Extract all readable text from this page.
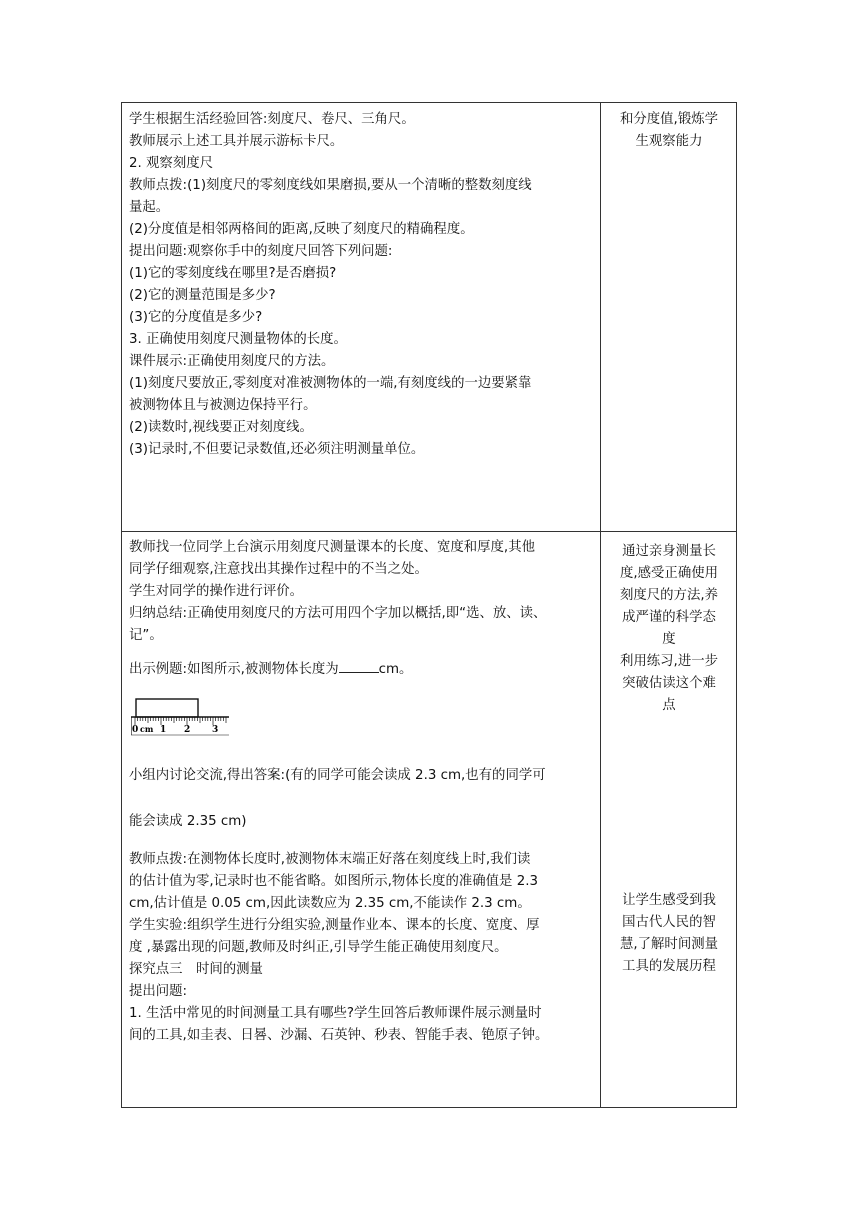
学生根据生活经验回答:刻度尺、卷尺、三角尺。

教师展示上述工具并展示游标卡尺。

2. 观察刻度尺

教师点拨:(1)刻度尺的零刻度线如果磨损,要从一个清晰的整数刻度线

量起。

(2)分度值是相邻两格间的距离,反映了刻度尺的精确程度。

提出问题:观察你手中的刻度尺回答下列问题:

(1)它的零刻度线在哪里?是否磨损?

(2)它的测量范围是多少?

(3)它的分度值是多少?

3. 正确使用刻度尺测量物体的长度。

课件展示:正确使用刻度尺的方法。

(1)刻度尺要放正,零刻度对准被测物体的一端,有刻度线的一边要紧靠

被测物体且与被测边保持平行。

(2)读数时,视线要正对刻度线。

(3)记录时,不但要记录数值,还必须注明测量单位。

和分度值,锻炼学

生观察能力

教师找一位同学上台演示用刻度尺测量课本的长度、宽度和厚度,其他

同学仔细观察,注意找出其操作过程中的不当之处。

学生对同学的操作进行评价。

归纳总结:正确使用刻度尺的方法可用四个字加以概括,即“选、放、读、

记”。

出示例题:如图所示,被测物体长度为	cm。

0 cm 1 2 3

小组内讨论交流,得出答案:(有的同学可能会读成 2.3 cm,也有的同学可

能会读成 2.35 cm)

教师点拨:在测物体长度时,被测物体末端正好落在刻度线上时,我们读

的估计值为零,记录时也不能省略。如图所示,物体长度的准确值是 2.3

cm,估计值是 0.05 cm,因此读数应为 2.35 cm,不能读作 2.3 cm。

学生实验:组织学生进行分组实验,测量作业本、课本的长度、宽度、厚

度 ,暴露出现的问题,教师及时纠正,引导学生能正确使用刻度尺。

探究点三　时间的测量

提出问题:

1. 生活中常见的时间测量工具有哪些?学生回答后教师课件展示测量时

间的工具,如圭表、日晷、沙漏、石英钟、秒表、智能手表、铯原子钟。

通过亲身测量长

度,感受正确使用

刻度尺的方法,养

成严谨的科学态

度

利用练习,进一步

突破估读这个难

点

让学生感受到我

国古代人民的智

慧,了解时间测量

工具的发展历程
